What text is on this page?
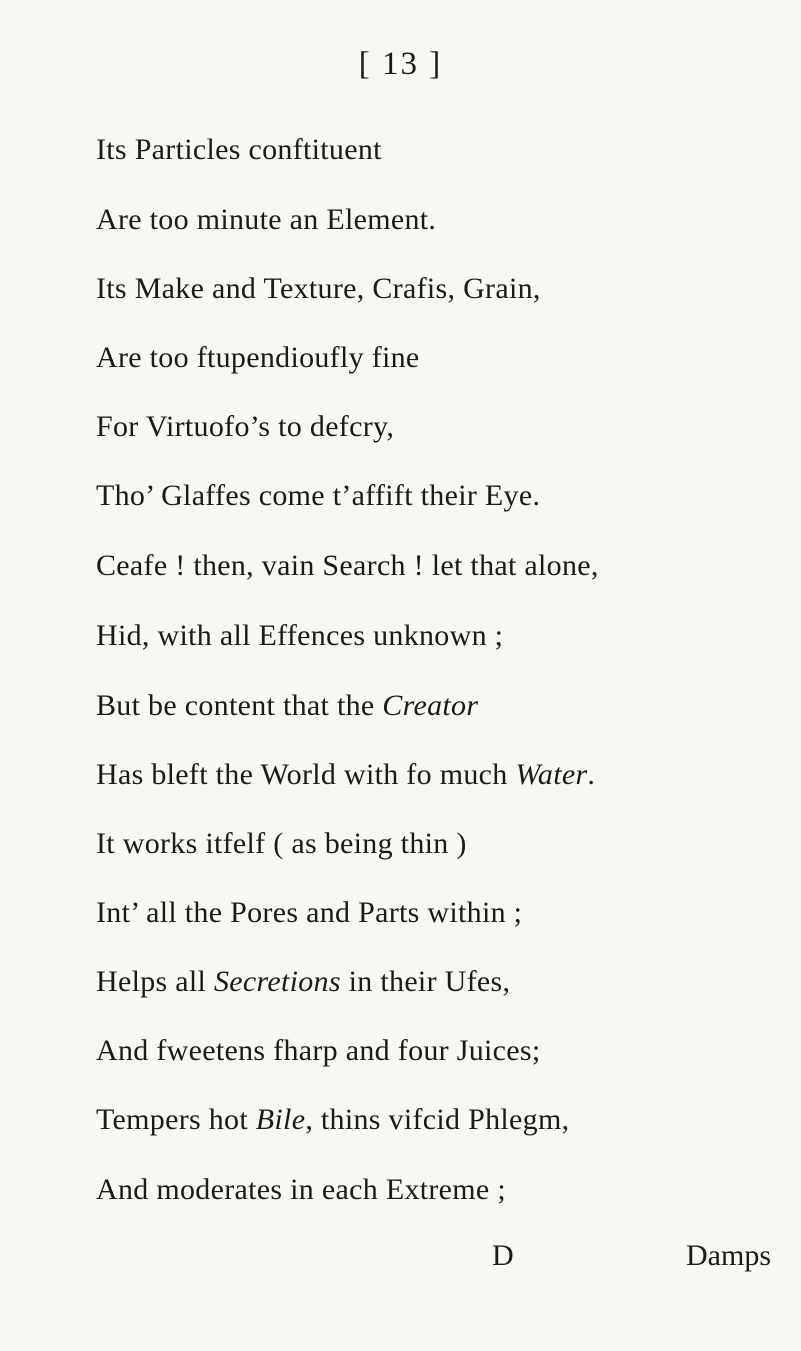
[ 13 ]
Its Particles conftituent
Are too minute an Element.
Its Make and Texture, Crafis, Grain,
Are too ftupendioufly fine
For Virtuofo’s to defcry,
Tho’ Glaffes come t’affift their Eye.
Ceafe ! then, vain Search ! let that alone,
Hid, with all Effences unknown ;
But be content that the Creator
Has bleft the World with fo much Water.
It works itfelf ( as being thin )
Int’ all the Pores and Parts within ;
Helps all Secretions in their Ufes,
And fweetens fharp and four Juices;
Tempers hot Bile, thins vifcid Phlegm,
And moderates in each Extreme ;
D	Damps
